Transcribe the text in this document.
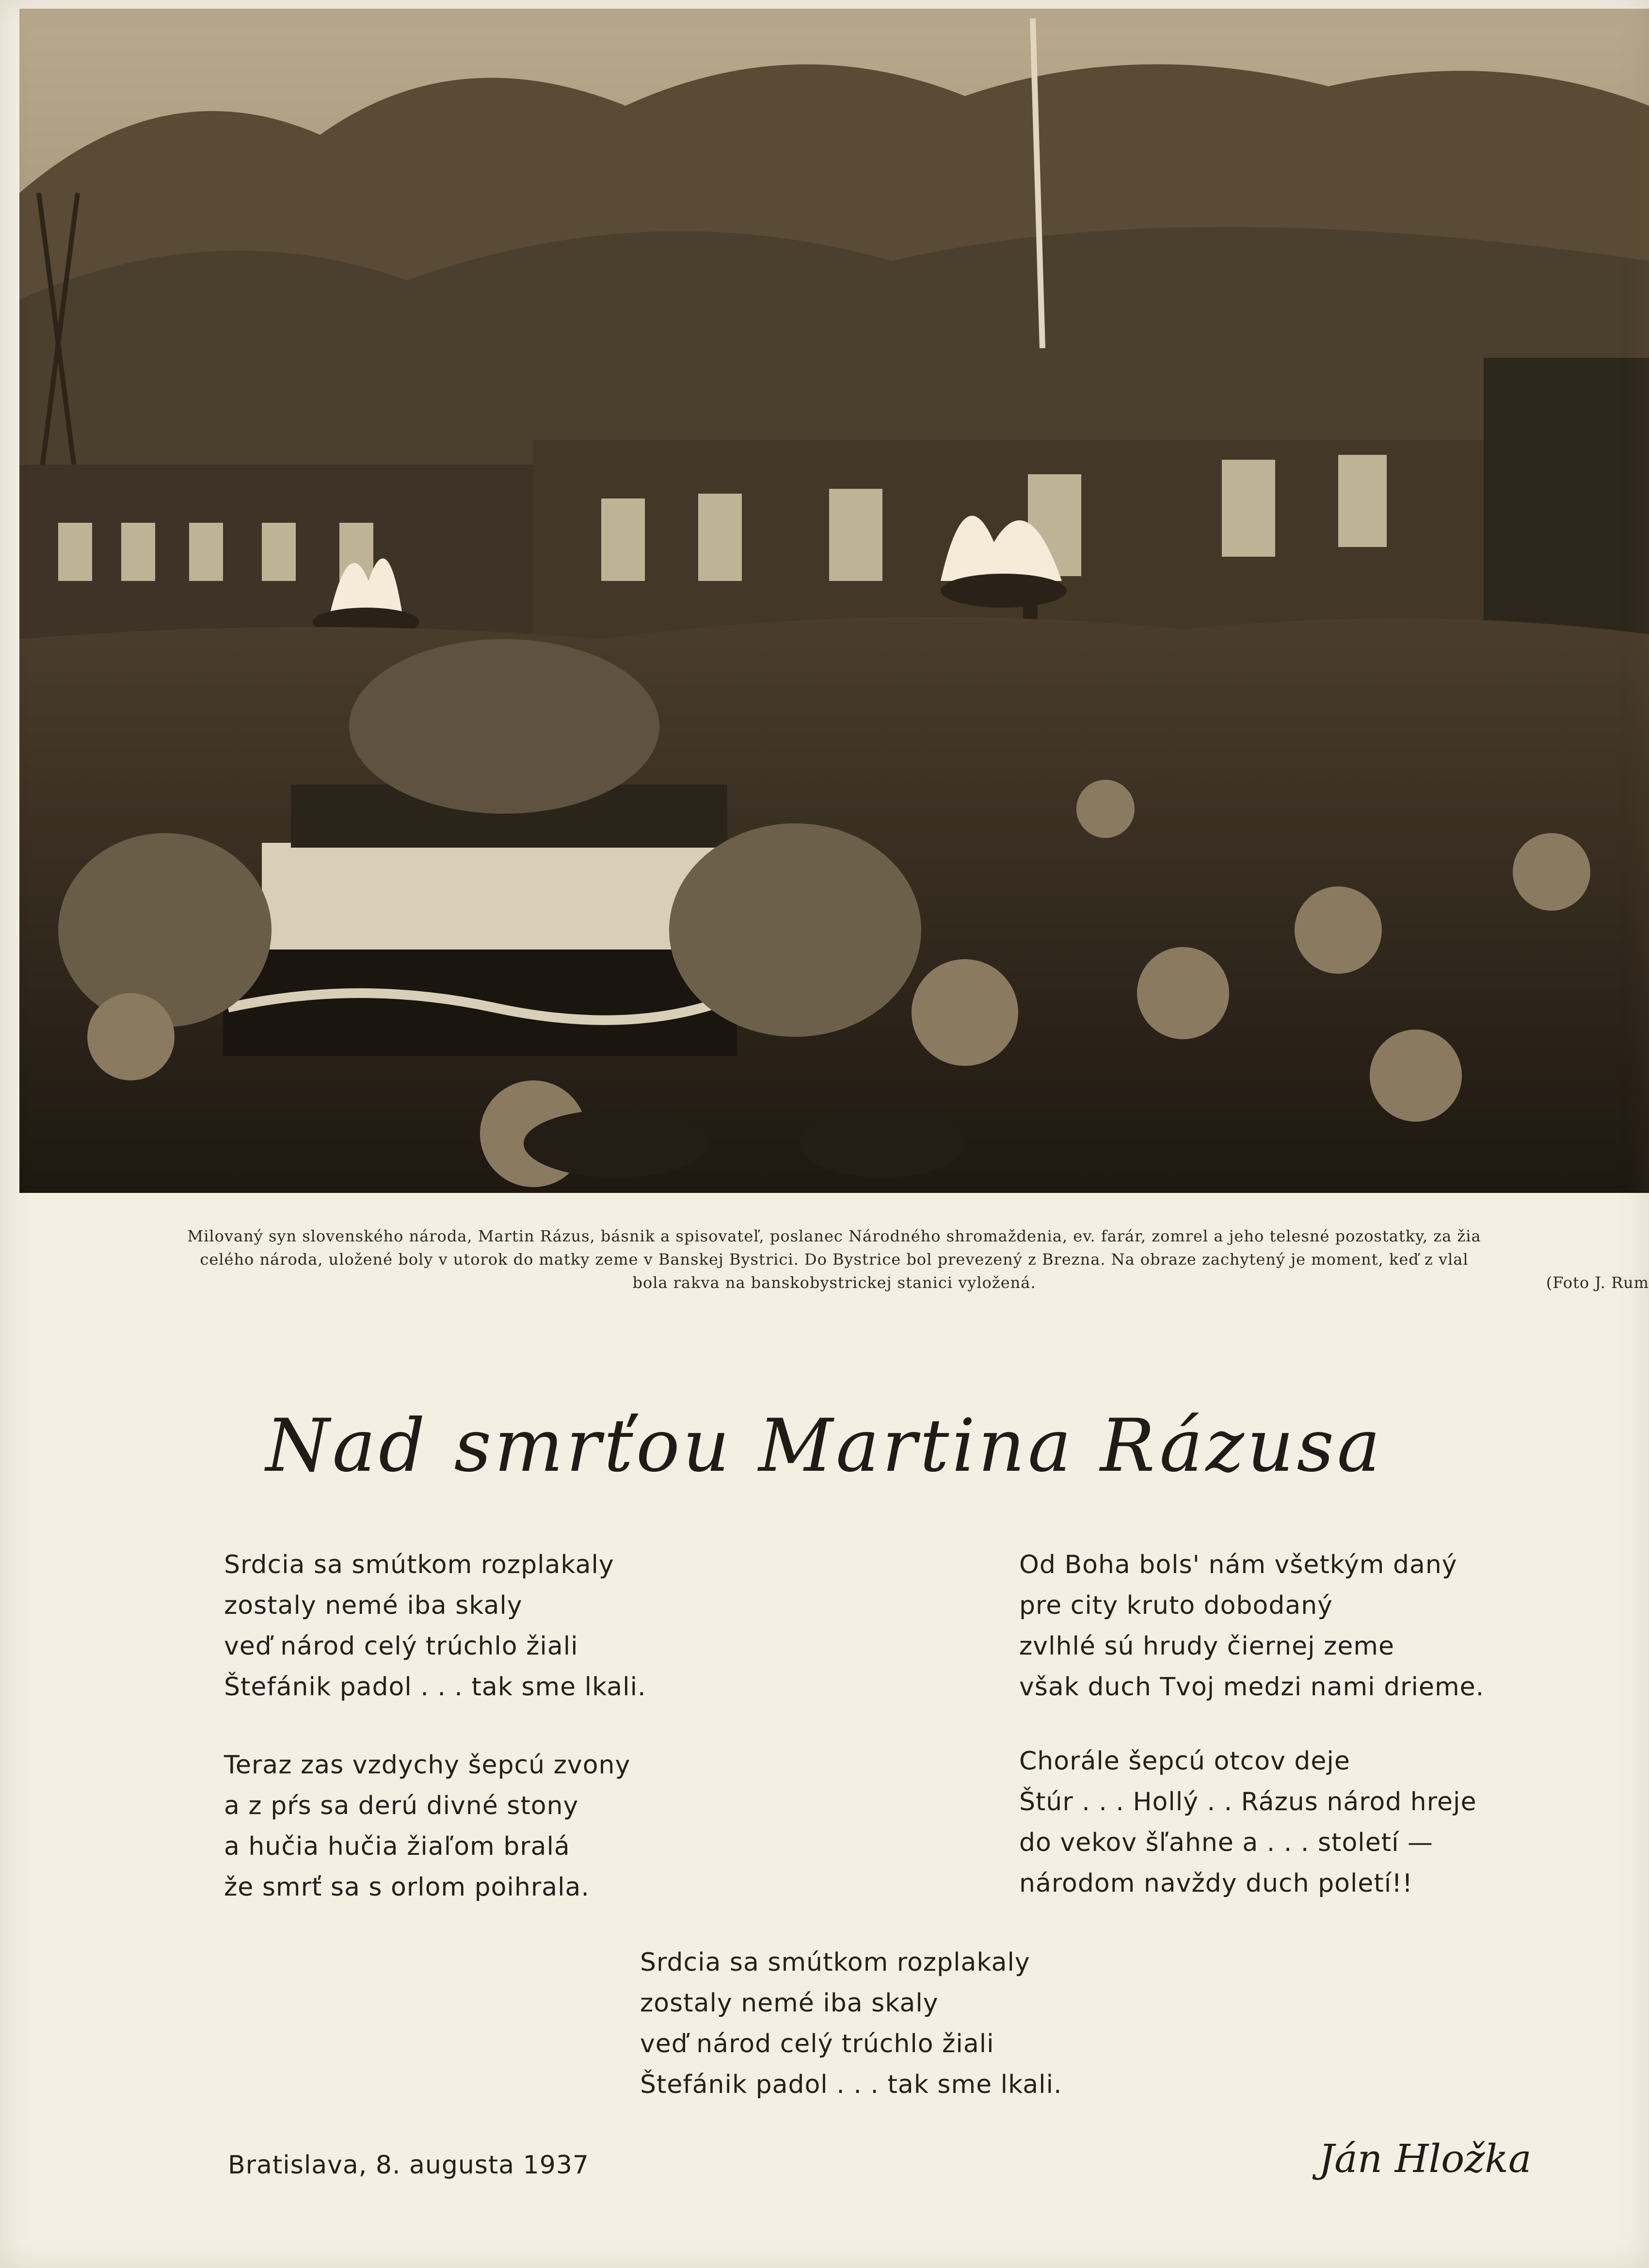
Milovaný syn slovenského národa, Martin Rázus, básnik a spisovateľ, poslanec Národného shromaždenia, ev. farár, zomrel a jeho telesné pozostatky, za žia
celého národa, uložené boly v utorok do matky zeme v Banskej Bystrici. Do Bystrice bol prevezený z Brezna. Na obraze zachytený je moment, keď z vlal
bola rakva na banskobystrickej stanici vyložená.	(Foto J. Rum
Nad smrťou Martina Rázusa
Srdcia sa smútkom rozplakaly
zostaly nemé iba skaly
veď národ celý trúchlo žiali
Štefánik padol . . . tak sme lkali.
Teraz zas vzdychy šepcú zvony
a z pŕs sa derú divné stony
a hučia hučia žiaľom bralá
že smrť sa s orlom poihrala.
Od Boha bols' nám všetkým daný
pre city kruto dobodaný
zvlhlé sú hrudy čiernej zeme
však duch Tvoj medzi nami drieme.
Chorále šepcú otcov deje
Štúr . . . Hollý . . Rázus národ hreje
do vekov šľahne a . . . století —
národom navždy duch poletí!!
Srdcia sa smútkom rozplakaly
zostaly nemé iba skaly
veď národ celý trúchlo žiali
Štefánik padol . . . tak sme lkali.
Bratislava, 8. augusta 1937	Ján Hložka
